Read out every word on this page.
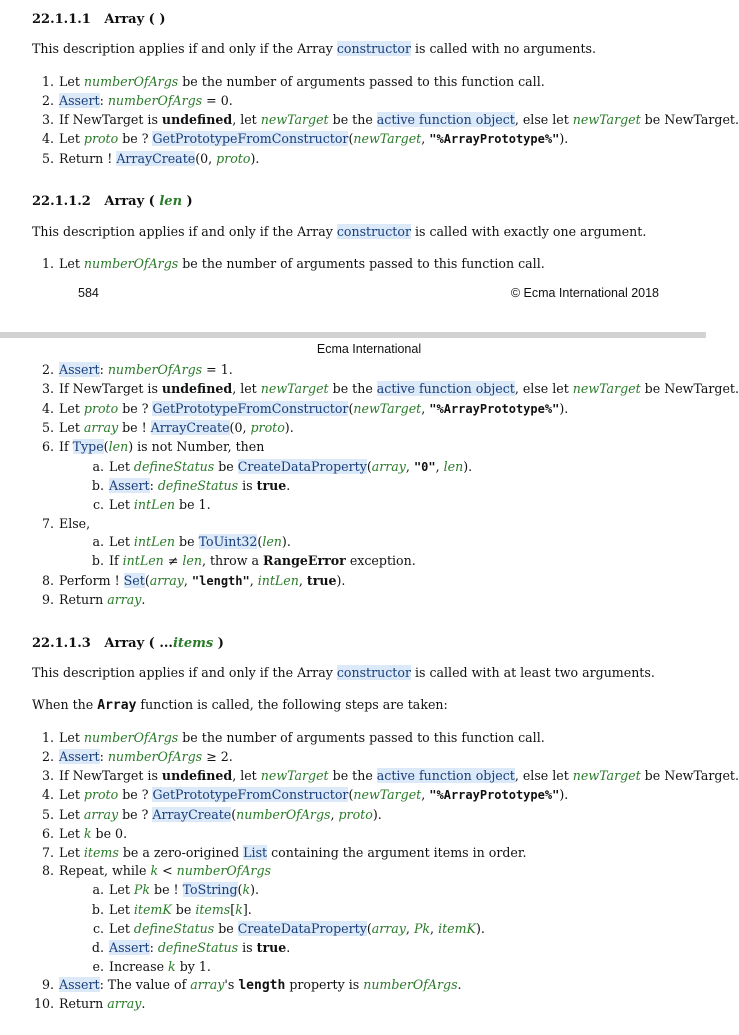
22.1.1.1 Array ( )
This description applies if and only if the Array constructor is called with no arguments.
1. Let numberOfArgs be the number of arguments passed to this function call.
2. Assert: numberOfArgs = 0.
3. If NewTarget is undefined, let newTarget be the active function object, else let newTarget be NewTarget.
4. Let proto be ? GetPrototypeFromConstructor(newTarget, "%ArrayPrototype%").
5. Return ! ArrayCreate(0, proto).
22.1.1.2 Array ( len )
This description applies if and only if the Array constructor is called with exactly one argument.
1. Let numberOfArgs be the number of arguments passed to this function call.
584	© Ecma International 2018
Ecma International
2. Assert: numberOfArgs = 1.
3. If NewTarget is undefined, let newTarget be the active function object, else let newTarget be NewTarget.
4. Let proto be ? GetPrototypeFromConstructor(newTarget, "%ArrayPrototype%").
5. Let array be ! ArrayCreate(0, proto).
6. If Type(len) is not Number, then
a. Let defineStatus be CreateDataProperty(array, "0", len).
b. Assert: defineStatus is true.
c. Let intLen be 1.
7. Else,
a. Let intLen be ToUint32(len).
b. If intLen ≠ len, throw a RangeError exception.
8. Perform ! Set(array, "length", intLen, true).
9. Return array.
22.1.1.3 Array ( ...items )
This description applies if and only if the Array constructor is called with at least two arguments.
When the Array function is called, the following steps are taken:
1. Let numberOfArgs be the number of arguments passed to this function call.
2. Assert: numberOfArgs ≥ 2.
3. If NewTarget is undefined, let newTarget be the active function object, else let newTarget be NewTarget.
4. Let proto be ? GetPrototypeFromConstructor(newTarget, "%ArrayPrototype%").
5. Let array be ? ArrayCreate(numberOfArgs, proto).
6. Let k be 0.
7. Let items be a zero-origined List containing the argument items in order.
8. Repeat, while k < numberOfArgs
a. Let Pk be ! ToString(k).
b. Let itemK be items[k].
c. Let defineStatus be CreateDataProperty(array, Pk, itemK).
d. Assert: defineStatus is true.
e. Increase k by 1.
9. Assert: The value of array's length property is numberOfArgs.
10. Return array.
